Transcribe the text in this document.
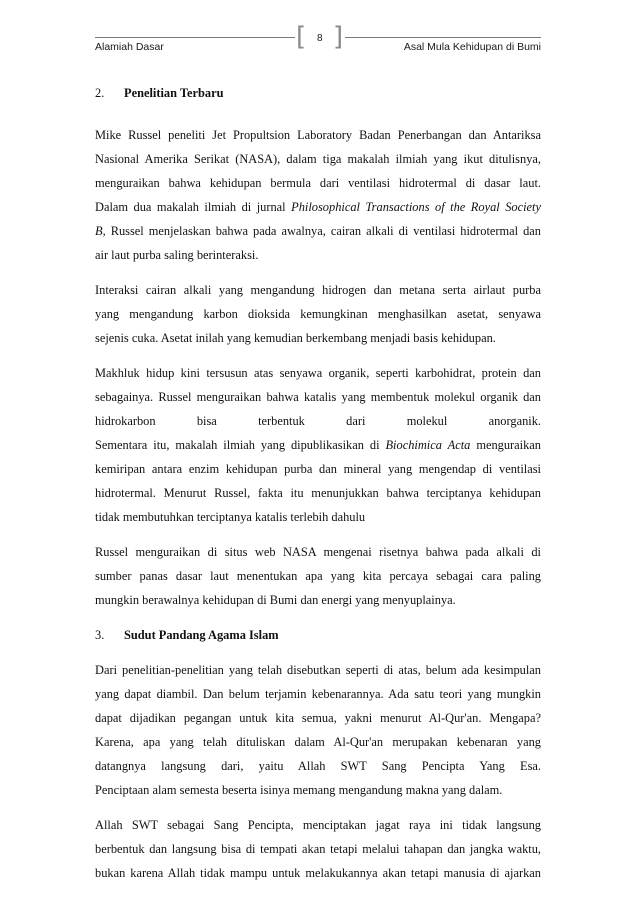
[ ]
8
Alamiah Dasar	Asal Mula Kehidupan di Bumi
2. Penelitian Terbaru
Mike Russel peneliti Jet Propultsion Laboratory Badan Penerbangan dan Antariksa
Nasional Amerika Serikat (NASA), dalam tiga makalah ilmiah yang ikut ditulisnya,
menguraikan bahwa kehidupan bermula dari ventilasi hidrotermal di dasar laut.
Dalam dua makalah ilmiah di jurnal Philosophical Transactions of the Royal Society
B, Russel menjelaskan bahwa pada awalnya, cairan alkali di ventilasi hidrotermal dan
air laut purba saling berinteraksi.
Interaksi cairan alkali yang mengandung hidrogen dan metana serta airlaut purba
yang mengandung karbon dioksida kemungkinan menghasilkan asetat, senyawa
sejenis cuka. Asetat inilah yang kemudian berkembang menjadi basis kehidupan.
Makhluk hidup kini tersusun atas senyawa organik, seperti karbohidrat, protein dan
sebagainya. Russel menguraikan bahwa katalis yang membentuk molekul organik dan
hidrokarbon bisa terbentuk dari molekul anorganik.
Sementara itu, makalah ilmiah yang dipublikasikan di Biochimica Acta menguraikan
kemiripan antara enzim kehidupan purba dan mineral yang mengendap di ventilasi
hidrotermal. Menurut Russel, fakta itu menunjukkan bahwa terciptanya kehidupan
tidak membutuhkan terciptanya katalis terlebih dahulu
Russel menguraikan di situs web NASA mengenai risetnya bahwa pada alkali di
sumber panas dasar laut menentukan apa yang kita percaya sebagai cara paling
mungkin berawalnya kehidupan di Bumi dan energi yang menyuplainya.
3. Sudut Pandang Agama Islam
Dari penelitian-penelitian yang telah disebutkan seperti di atas, belum ada kesimpulan
yang dapat diambil. Dan belum terjamin kebenarannya. Ada satu teori yang mungkin
dapat dijadikan pegangan untuk kita semua, yakni menurut Al-Qur'an. Mengapa?
Karena, apa yang telah dituliskan dalam Al-Qur'an merupakan kebenaran yang
datangnya langsung dari, yaitu Allah SWT Sang Pencipta Yang Esa.
Penciptaan alam semesta beserta isinya memang mengandung makna yang dalam.
Allah SWT sebagai Sang Pencipta, menciptakan jagat raya ini tidak langsung
berbentuk dan langsung bisa di tempati akan tetapi melalui tahapan dan jangka waktu,
bukan karena Allah tidak mampu untuk melakukannya akan tetapi manusia di ajarkan
